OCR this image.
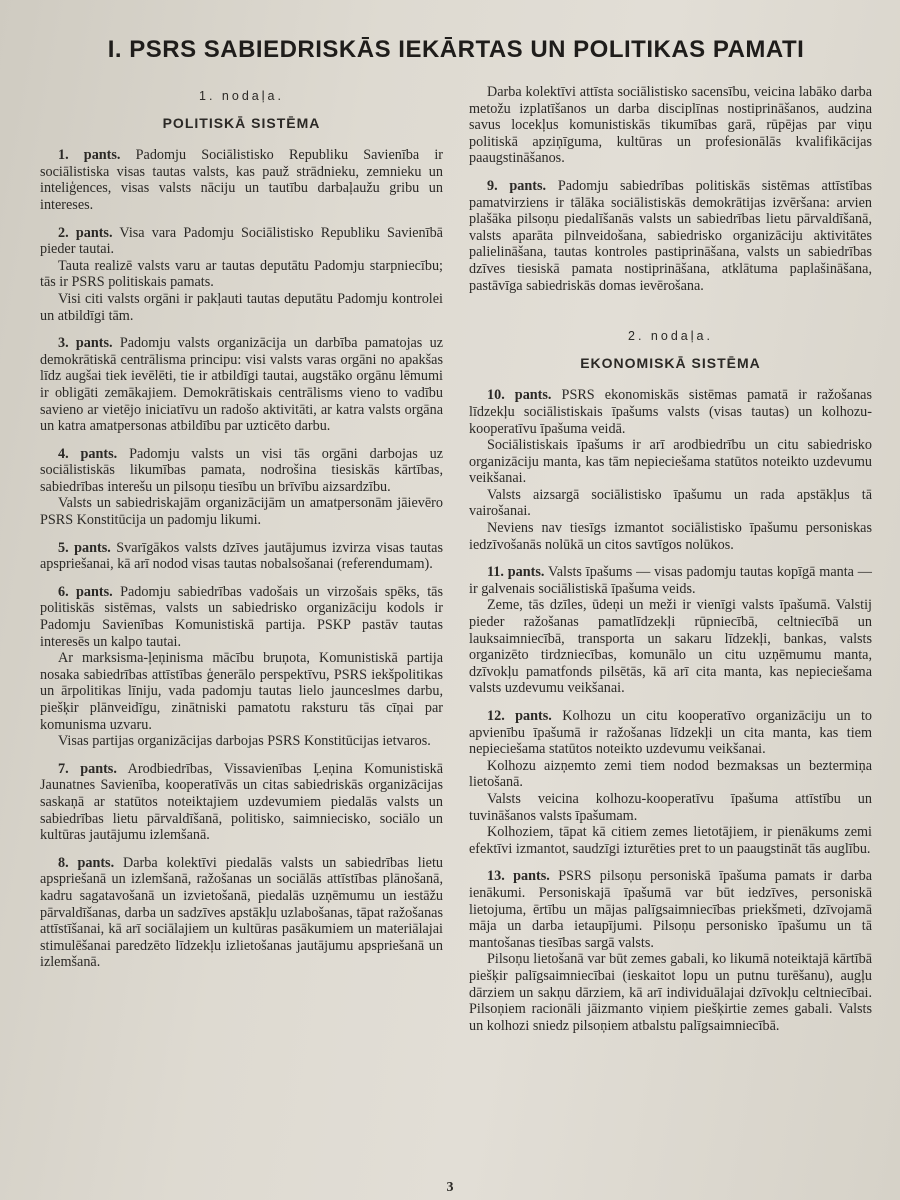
I. PSRS SABIEDRISKĀS IEKĀRTAS UN POLITIKAS PAMATI
1. nodaļa.
POLITISKĀ SISTĒMA

1. pants. Padomju Sociālistisko Republiku Savienība ir sociālistiska visas tautas valsts, kas pauž strādnieku, zemnieku un inteliģences, visas valsts nāciju un tautību darbaļaužu gribu un intereses.

2. pants. Visa vara Padomju Sociālistisko Republiku Savienībā pieder tautai.

Tauta realizē valsts varu ar tautas deputātu Padomju starpniecību; tās ir PSRS politiskais pamats.

Visi citi valsts orgāni ir pakļauti tautas deputātu Padomju kontrolei un atbildīgi tām.

3. pants. Padomju valsts organizācija un darbība pamatojas uz demokrātiskā centrālisma principu: visi valsts varas orgāni no apakšas līdz augšai tiek ievēlēti, tie ir atbildīgi tautai, augstāko orgānu lēmumi ir obligāti zemākajiem. Demokrātiskais centrālisms vieno to vadību savieno ar vietējo iniciatīvu un radošo aktivitāti, ar katra valsts orgāna un katra amatpersonas atbildību par uzticēto darbu.

4. pants. Padomju valsts un visi tās orgāni darbojas uz sociālistiskās likumības pamata, nodrošina tiesiskās kārtības, sabiedrības interešu un pilsoņu tiesību un brīvību aizsardzību.

Valsts un sabiedriskajām organizācijām un amatpersonām jāievēro PSRS Konstitūcija un padomju likumi.

5. pants. Svarīgākos valsts dzīves jautājumus izvirza visas tautas apspriešanai, kā arī nodod visas tautas nobalsošanai (referendumam).

6. pants. Padomju sabiedrības vadošais un virzošais spēks, tās politiskās sistēmas, valsts un sabiedrisko organizāciju kodols ir Padomju Savienības Komunistiskā partija. PSKP pastāv tautas interesēs un kalpo tautai.

Ar marksisma-ļeņinisma mācību bruņota, Komunistiskā partija nosaka sabiedrības attīstības ģenerālo perspektīvu, PSRS iekšpolitikas un ārpolitikas līniju, vada padomju tautas lielo jaunceslmes darbu, piešķir plānveidīgu, zinātniski pamatotu raksturu tās cīņai par komunisma uzvaru.

Visas partijas organizācijas darbojas PSRS Konstitūcijas ietvaros.

7. pants. Arodbiedrības, Vissavienības Ļeņina Komunistiskā Jaunatnes Savienība, kooperatīvās un citas sabiedriskās organizācijas saskaņā ar statūtos noteiktajiem uzdevumiem piedalās valsts un sabiedrības lietu pārvaldīšanā, politisko, saimniecisko, sociālo un kultūras jautājumu izlemšanā.

8. pants. Darba kolektīvi piedalās valsts un sabiedrības lietu apspriešanā un izlemšanā, ražošanas un sociālās attīstības plānošanā, kadru sagatavošanā un izvietošanā, piedalās uzņēmumu un iestāžu pārvaldīšanas, darba un sadzīves apstākļu uzlabošanas, tāpat ražošanas attīstīšanai, kā arī sociālajiem un kultūras pasākumiem un materiālajai stimulēšanai paredzēto līdzekļu izlietošanas jautājumu apspriešanā un izlemšanā.

Darba kolektīvi attīsta sociālistisko sacensību, veicina labāko darba metožu izplatīšanos un darba disciplīnas nostiprināšanos, audzina savus locekļus komunistiskās tikumības garā, rūpējas par viņu politiskā apziņīguma, kultūras un profesionālās kvalifikācijas paaugstināšanos.

9. pants. Padomju sabiedrības politiskās sistēmas attīstības pamatvirziens ir tālāka sociālistiskās demokrātijas izvēršana: arvien plašāka pilsoņu piedalīšanās valsts un sabiedrības lietu pārvaldīšanā, valsts aparāta pilnveidošana, sabiedrisko organizāciju aktivitātes palielināšana, tautas kontroles pastiprināšana, valsts un sabiedrības dzīves tiesiskā pamata nostiprināšana, atklātuma paplašināšana, pastāvīga sabiedriskās domas ievērošana.

2. nodaļa.
EKONOMISKĀ SISTĒMA

10. pants. PSRS ekonomiskās sistēmas pamatā ir ražošanas līdzekļu sociālistiskais īpašums valsts (visas tautas) un kolhozu-kooperatīvu īpašuma veidā.

Sociālistiskais īpašums ir arī arodbiedrību un citu sabiedrisko organizāciju manta, kas tām nepieciešama statūtos noteikto uzdevumu veikšanai.

Valsts aizsargā sociālistisko īpašumu un rada apstākļus tā vairošanai.

Neviens nav tiesīgs izmantot sociālistisko īpašumu personiskas iedzīvošanās nolūkā un citos savtīgos nolūkos.

11. pants. Valsts īpašums — visas padomju tautas kopīgā manta — ir galvenais sociālistiskā īpašuma veids.

Zeme, tās dzīles, ūdeņi un meži ir vienīgi valsts īpašumā. Valstij pieder ražošanas pamatlīdzekļi rūpniecībā, celtniecībā un lauksaimniecībā, transporta un sakaru līdzekļi, bankas, valsts organizēto tirdzniecības, komunālo un citu uzņēmumu manta, dzīvokļu pamatfonds pilsētās, kā arī cita manta, kas nepieciešama valsts uzdevumu veikšanai.

12. pants. Kolhozu un citu kooperatīvo organizāciju un to apvienību īpašumā ir ražošanas līdzekļi un cita manta, kas tiem nepieciešama statūtos noteikto uzdevumu veikšanai.

Kolhozu aizņemto zemi tiem nodod bezmaksas un beztermiņa lietošanā.

Valsts veicina kolhozu-kooperatīvu īpašuma attīstību un tuvināšanos valsts īpašumam.

Kolhoziem, tāpat kā citiem zemes lietotājiem, ir pienākums zemi efektīvi izmantot, saudzīgi izturēties pret to un paaugstināt tās auglību.

13. pants. PSRS pilsoņu personiskā īpašuma pamats ir darba ienākumi. Personiskajā īpašumā var būt iedzīves, personiskā lietojuma, ērtību un mājas palīgsaimniecības priekšmeti, dzīvojamā māja un darba ietaupījumi. Pilsoņu personisko īpašumu un tā mantošanas tiesības sargā valsts.

Pilsoņu lietošanā var būt zemes gabali, ko likumā noteiktajā kārtībā piešķir palīgsaimniecībai (ieskaitot lopu un putnu turēšanu), augļu dārziem un sakņu dārziem, kā arī individuālajai dzīvokļu celtniecībai. Pilsoņiem racionāli jāizmanto viņiem piešķirtie zemes gabali. Valsts un kolhozi sniedz pilsoņiem atbalstu palīgsaimniecībā.

3
